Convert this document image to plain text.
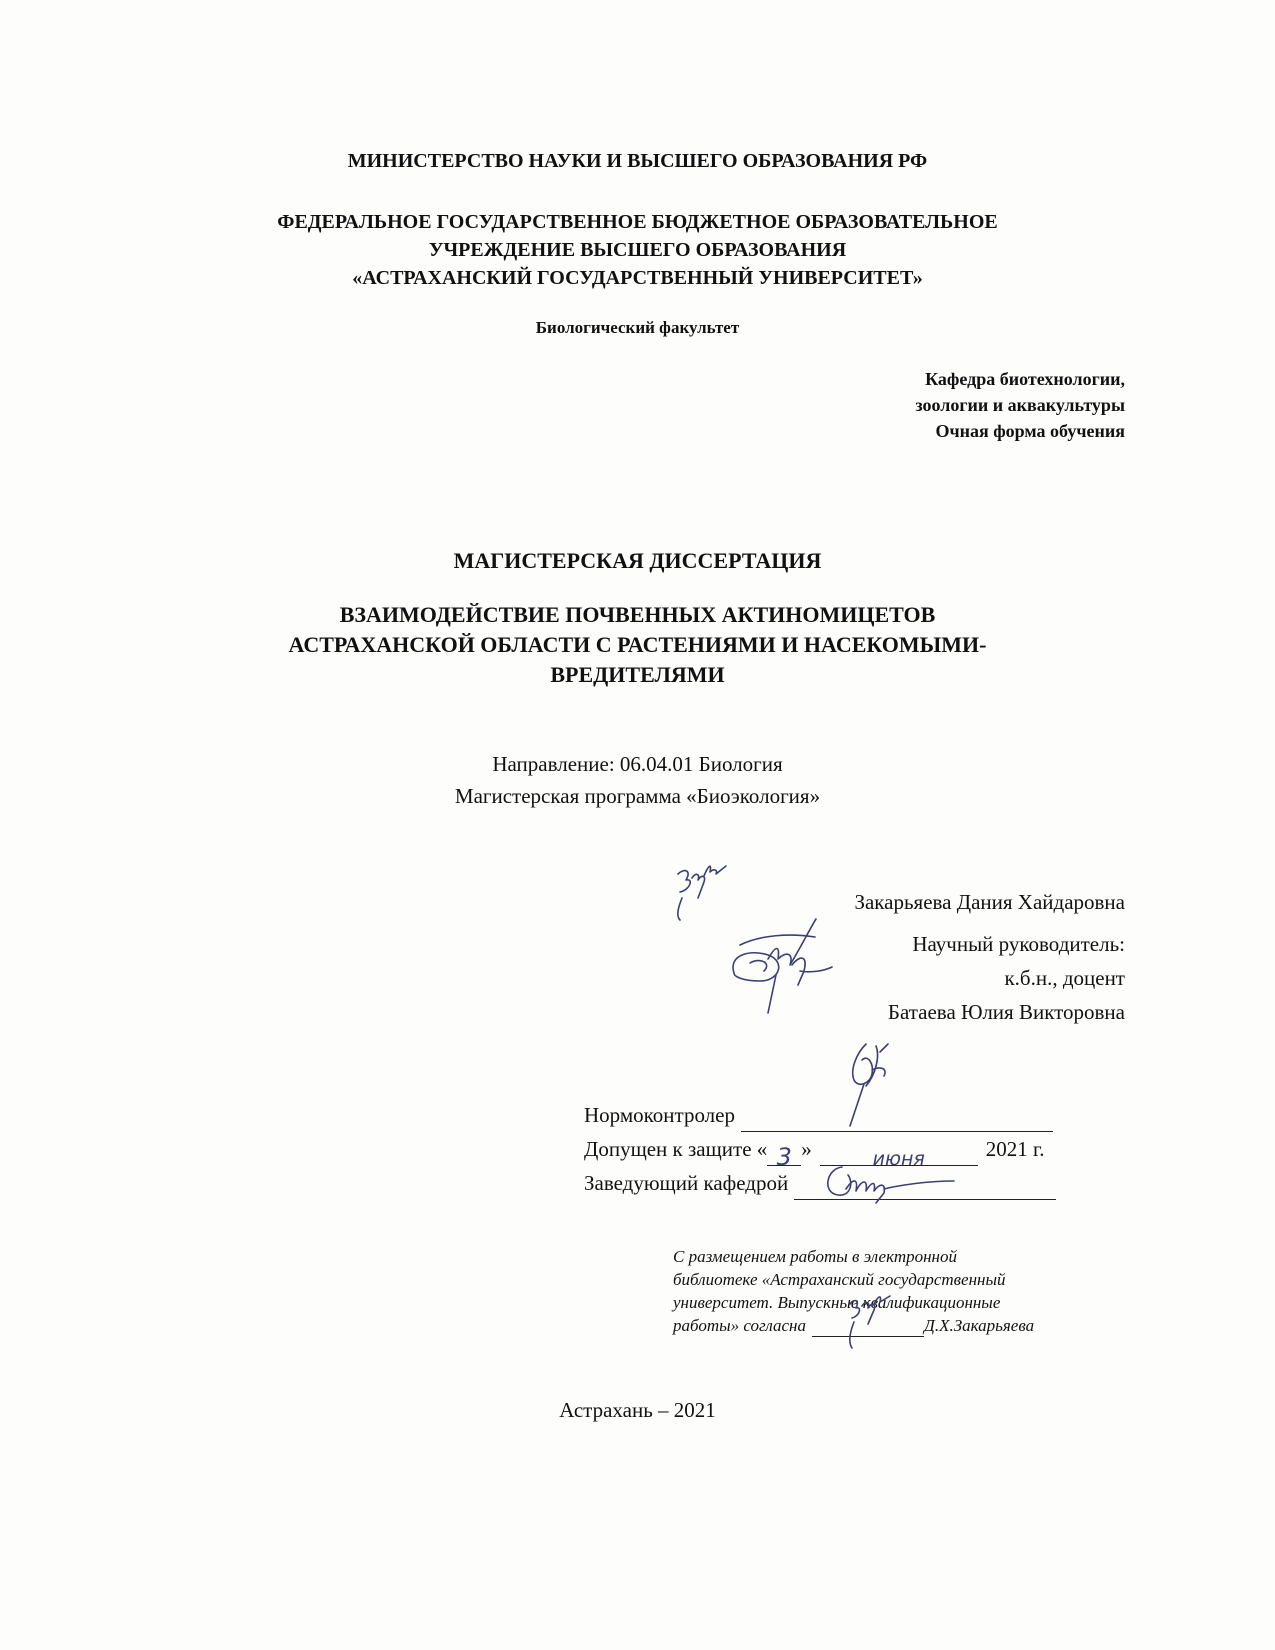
МИНИСТЕРСТВО НАУКИ И ВЫСШЕГО ОБРАЗОВАНИЯ РФ
ФЕДЕРАЛЬНОЕ ГОСУДАРСТВЕННОЕ БЮДЖЕТНОЕ ОБРАЗОВАТЕЛЬНОЕ
УЧРЕЖДЕНИЕ ВЫСШЕГО ОБРАЗОВАНИЯ
«АСТРАХАНСКИЙ ГОСУДАРСТВЕННЫЙ УНИВЕРСИТЕТ»
Биологический факультет
Кафедра биотехнологии,
зоологии и аквакультуры
Очная форма обучения
МАГИСТЕРСКАЯ ДИССЕРТАЦИЯ
ВЗАИМОДЕЙСТВИЕ ПОЧВЕННЫХ АКТИНОМИЦЕТОВ
АСТРАХАНСКОЙ ОБЛАСТИ С РАСТЕНИЯМИ И НАСЕКОМЫМИ-
ВРЕДИТЕЛЯМИ
Направление: 06.04.01 Биология
Магистерская программа «Биоэкология»
Закарьяева Дания Хайдаровна
Научный руководитель:
к.б.н., доцент
Батаева Юлия Викторовна
Нормоконтролер
Допущен к защите « 3 »	июня	2021 г.
Заведующий кафедрой
С размещением работы в электронной
библиотеке «Астраханский государственный
университет. Выпускные квалификационные
работы» согласна	Д.Х.Закарьяева
Астрахань – 2021
